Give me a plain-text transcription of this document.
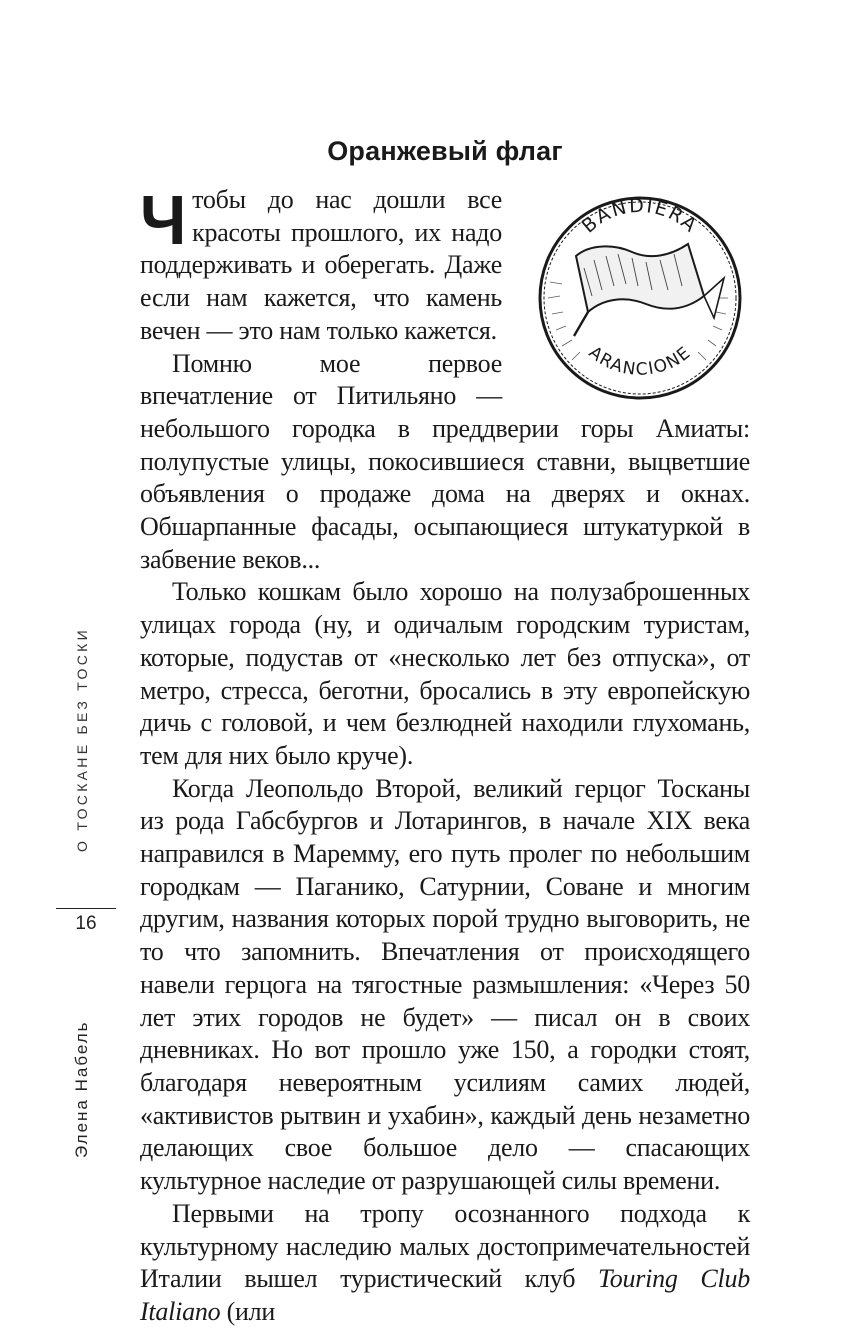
О ТОСКАНЕ БЕЗ ТОСКИ
16
Элена Набель
Оранжевый флаг
BANDIERA
ARANCIONE

Чтобы до нас дошли все красоты прошлого, их надо поддерживать и оберегать. Даже если нам кажется, что камень вечен — это нам только кажется.

Помню мое первое впечатление от Питильяно — небольшого городка в преддверии горы Амиаты: полупустые улицы, покосившиеся ставни, выцветшие объявления о продаже дома на дверях и окнах. Обшарпанные фасады, осыпающиеся штукатуркой в забвение веков...

Только кошкам было хорошо на полузаброшенных улицах города (ну, и одичалым городским туристам, которые, подустав от «несколько лет без отпуска», от метро, стресса, беготни, бросались в эту европейскую дичь с головой, и чем безлюдней находили глухомань, тем для них было круче).

Когда Леопольдо Второй, великий герцог Тосканы из рода Габсбургов и Лотарингов, в начале XIX века направился в Маремму, его путь пролег по небольшим городкам — Паганико, Сатурнии, Соване и многим другим, названия которых порой трудно выговорить, не то что запомнить. Впечатления от происходящего навели герцога на тягостные размышления: «Через 50 лет этих городов не будет» — писал он в своих дневниках. Но вот прошло уже 150, а городки стоят, благодаря невероятным усилиям самих людей, «активистов рытвин и ухабин», каждый день незаметно делающих свое большое дело — спасающих культурное наследие от разрушающей силы времени.

Первыми на тропу осознанного подхода к культурному наследию малых достопримечательностей Италии вышел туристический клуб Touring Club Italiano (или
